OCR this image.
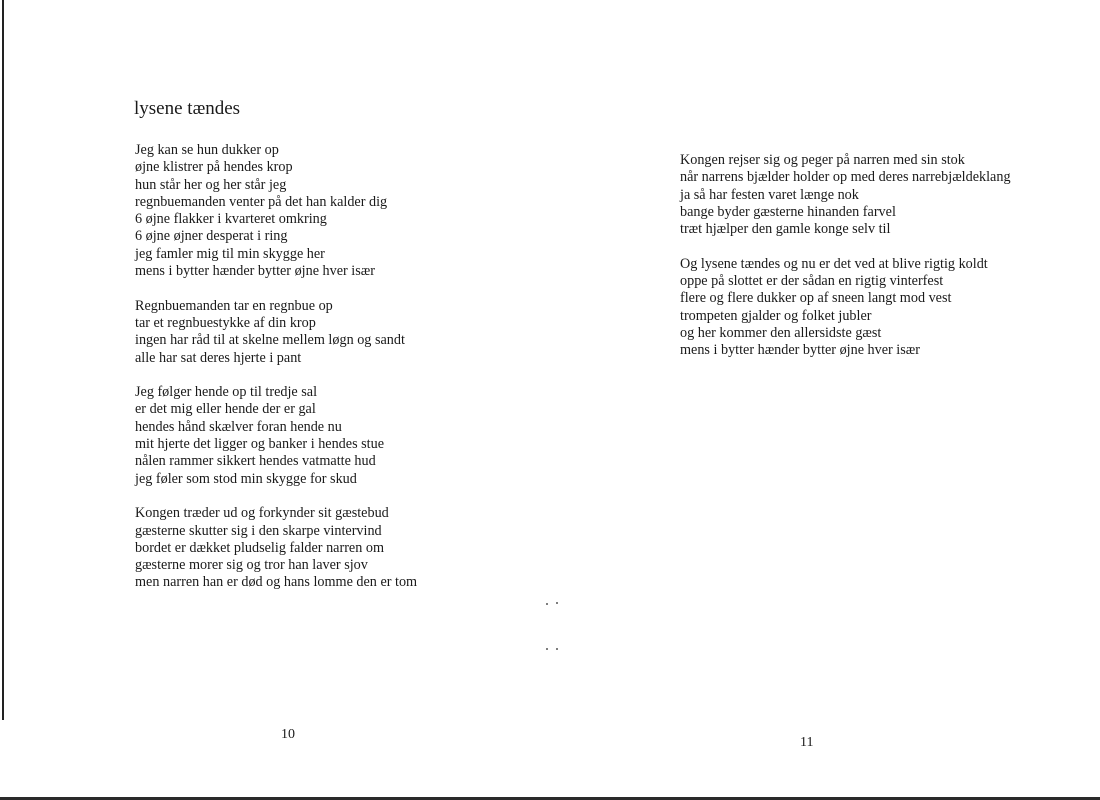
lysene tændes
Jeg kan se hun dukker op
øjne klistrer på hendes krop
hun står her og her står jeg
regnbuemanden venter på det han kalder dig
6 øjne flakker i kvarteret omkring
6 øjne øjner desperat i ring
jeg famler mig til min skygge her
mens i bytter hænder bytter øjne hver især
Regnbuemanden tar en regnbue op
tar et regnbuestykke af din krop
ingen har råd til at skelne mellem løgn og sandt
alle har sat deres hjerte i pant
Jeg følger hende op til tredje sal
er det mig eller hende der er gal
hendes hånd skælver foran hende nu
mit hjerte det ligger og banker i hendes stue
nålen rammer sikkert hendes vatmatte hud
jeg føler som stod min skygge for skud
Kongen træder ud og forkynder sit gæstebud
gæsterne skutter sig i den skarpe vintervind
bordet er dækket pludselig falder narren om
gæsterne morer sig og tror han laver sjov
men narren han er død og hans lomme den er tom
10
Kongen rejser sig og peger på narren med sin stok
når narrens bjælder holder op med deres narrebjældeklang
ja så har festen varet længe nok
bange byder gæsterne hinanden farvel
træt hjælper den gamle konge selv til
Og lysene tændes og nu er det ved at blive rigtig koldt
oppe på slottet er der sådan en rigtig vinterfest
flere og flere dukker op af sneen langt mod vest
trompeten gjalder og folket jubler
og her kommer den allersidste gæst
mens i bytter hænder bytter øjne hver især
11
